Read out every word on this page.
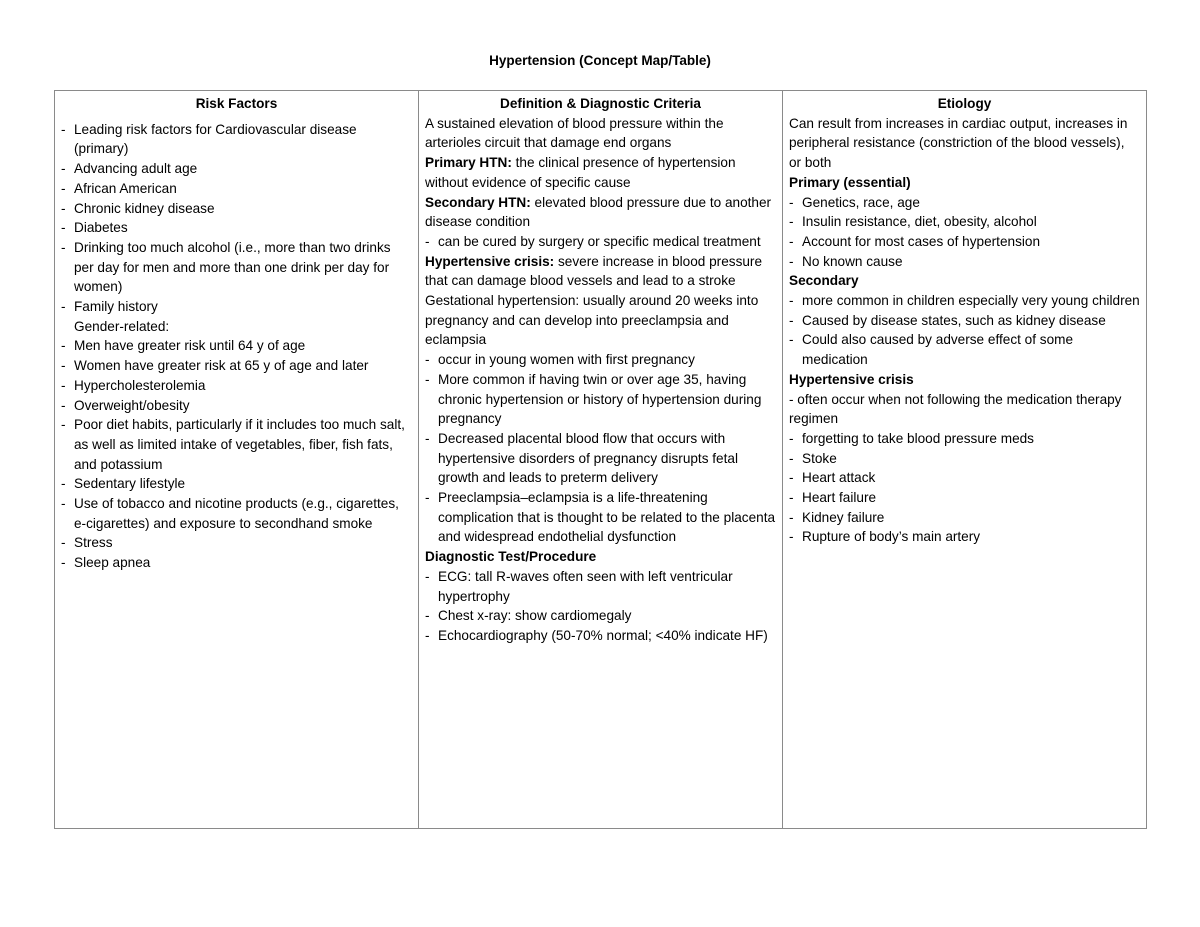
Hypertension (Concept Map/Table)
Risk Factors
- Leading risk factors for Cardiovascular disease (primary)
- Advancing adult age
- African American
- Chronic kidney disease
- Diabetes
- Drinking too much alcohol (i.e., more than two drinks per day for men and more than one drink per day for women)
- Family history
Gender-related:
- Men have greater risk until 64 y of age
- Women have greater risk at 65 y of age and later
- Hypercholesterolemia
- Overweight/obesity
- Poor diet habits, particularly if it includes too much salt, as well as limited intake of vegetables, fiber, fish fats, and potassium
- Sedentary lifestyle
- Use of tobacco and nicotine products (e.g., cigarettes, e-cigarettes) and exposure to secondhand smoke
- Stress
- Sleep apnea

Definition & Diagnostic Criteria

A sustained elevation of blood pressure within the arterioles circuit that damage end organs

Primary HTN: the clinical presence of hypertension without evidence of specific cause

Secondary HTN: elevated blood pressure due to another disease condition

- can be cured by surgery or specific medical treatment

Hypertensive crisis: severe increase in blood pressure that can damage blood vessels and lead to a stroke

Gestational hypertension: usually around 20 weeks into pregnancy and can develop into preeclampsia and eclampsia

- occur in young women with first pregnancy
- More common if having twin or over age 35, having chronic hypertension or history of hypertension during pregnancy
- Decreased placental blood flow that occurs with hypertensive disorders of pregnancy disrupts fetal growth and leads to preterm delivery
- Preeclampsia–eclampsia is a life-threatening complication that is thought to be related to the placenta and widespread endothelial dysfunction

Diagnostic Test/Procedure

- ECG: tall R-waves often seen with left ventricular hypertrophy
- Chest x-ray: show cardiomegaly
- Echocardiography (50-70% normal; <40% indicate HF)

Etiology

Can result from increases in cardiac output, increases in peripheral resistance (constriction of the blood vessels), or both

Primary (essential)

- Genetics, race, age
- Insulin resistance, diet, obesity, alcohol
- Account for most cases of hypertension
- No known cause

Secondary

- more common in children especially very young children
- Caused by disease states, such as kidney disease
- Could also caused by adverse effect of some medication

Hypertensive crisis

- often occur when not following the medication therapy regimen

- forgetting to take blood pressure meds
- Stoke
- Heart attack
- Heart failure
- Kidney failure
- Rupture of body’s main artery
